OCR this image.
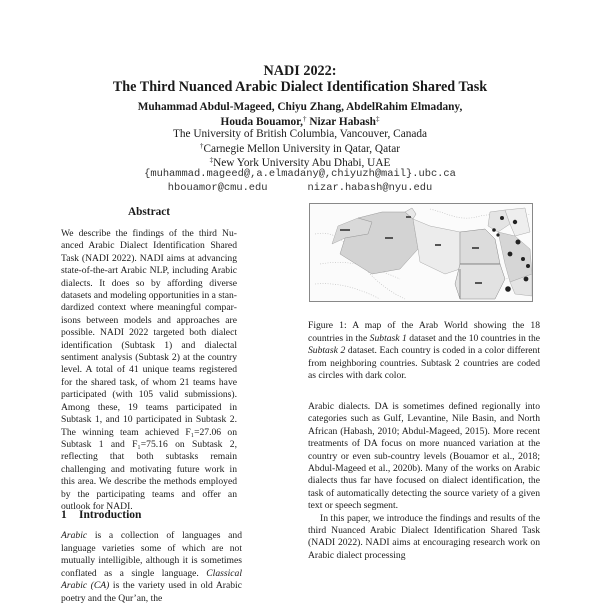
NADI 2022:
The Third Nuanced Arabic Dialect Identification Shared Task
Muhammad Abdul-Mageed, Chiyu Zhang, AbdelRahim Elmadany,
Houda Bouamor,† Nizar Habash‡
The University of British Columbia, Vancouver, Canada
†Carnegie Mellon University in Qatar, Qatar
‡New York University Abu Dhabi, UAE
{muhammad.mageed@,a.elmadany@,chiyuzh@mail}.ubc.ca
hbouamor@cmu.edu	nizar.habash@nyu.edu
Abstract
We describe the findings of the third Nuanced Arabic Dialect Identification Shared Task (NADI 2022). NADI aims at advancing state-of-the-art Arabic NLP, including Arabic dialects. It does so by affording diverse datasets and modeling opportunities in a standardized context where meaningful comparisons between models and approaches are possible. NADI 2022 targeted both dialect identification (Subtask 1) and dialectal sentiment analysis (Subtask 2) at the country level. A total of 41 unique teams registered for the shared task, of whom 21 teams have participated (with 105 valid submissions). Among these, 19 teams participated in Subtask 1, and 10 participated in Subtask 2. The winning team achieved F₁=27.06 on Subtask 1 and F₁=75.16 on Subtask 2, reflecting that both subtasks remain challenging and motivating future work in this area. We describe the methods employed by the participating teams and offer an outlook for NADI.
1 Introduction

Arabic is a collection of languages and language varieties some of which are not mutually intelligible, although it is sometimes conflated as a single language. Classical Arabic (CA) is the variety used in old Arabic poetry and the Qur’an, the

Figure 1: A map of the Arab World showing the 18 countries in the Subtask 1 dataset and the 10 countries in the Subtask 2 dataset. Each country is coded in a color different from neighboring countries. Subtask 2 countries are coded as circles with dark color.

Arabic dialects. DA is sometimes defined regionally into categories such as Gulf, Levantine, Nile Basin, and North African (Habash, 2010; Abdul-Mageed, 2015). More recent treatments of DA focus on more nuanced variation at the country or even sub-country levels (Bouamor et al., 2018; Abdul-Mageed et al., 2020b). Many of the works on Arabic dialects thus far have focused on dialect identification, the task of automatically detecting the source variety of a given text or speech segment.

In this paper, we introduce the findings and results of the third Nuanced Arabic Dialect Identification Shared Task (NADI 2022). NADI aims at encouraging research work on Arabic dialect processing
